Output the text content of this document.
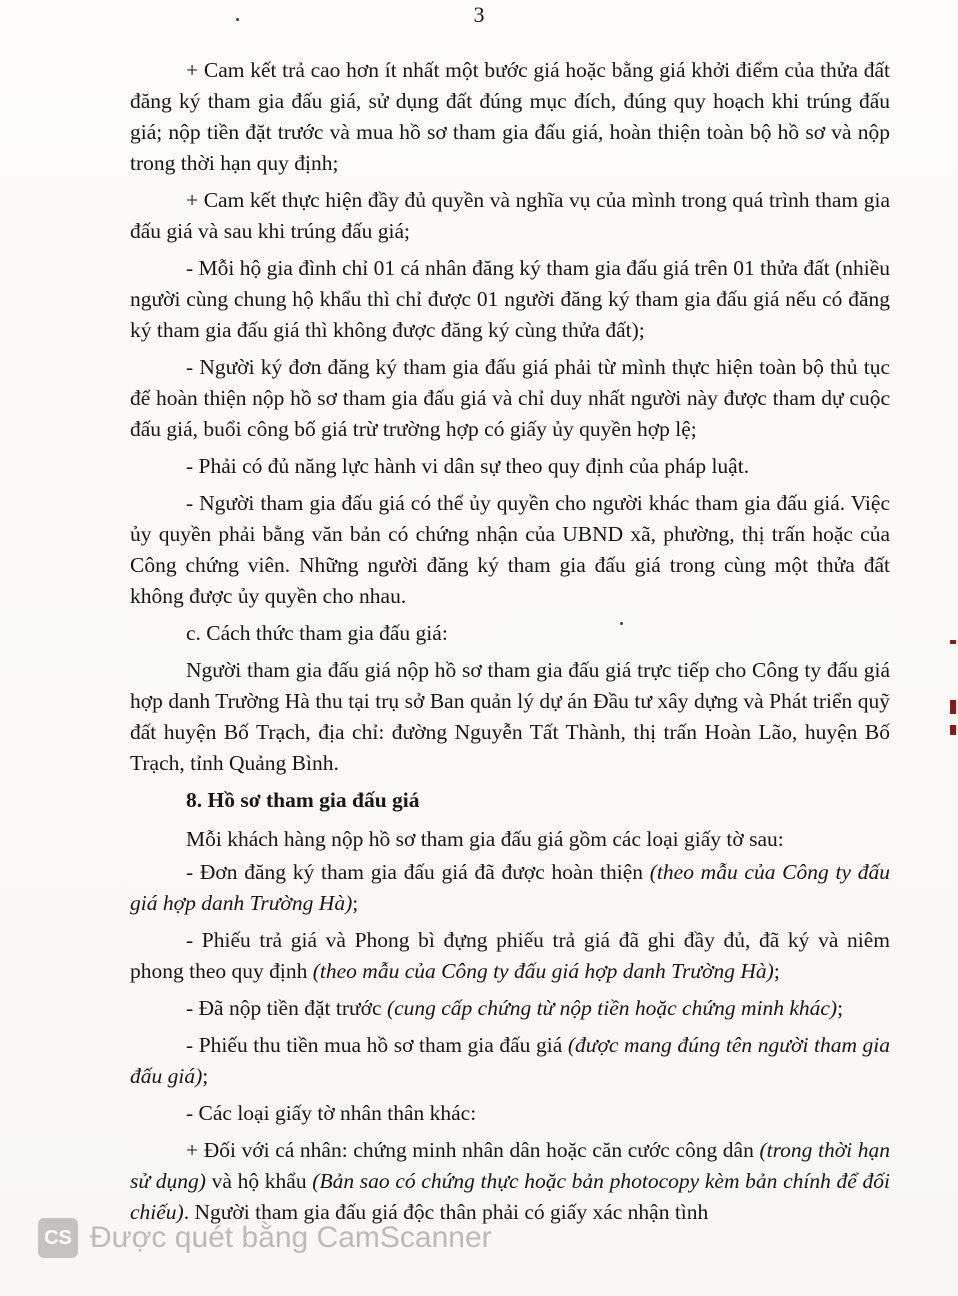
3

+ Cam kết trả cao hơn ít nhất một bước giá hoặc bằng giá khởi điểm của thửa đất đăng ký tham gia đấu giá, sử dụng đất đúng mục đích, đúng quy hoạch khi trúng đấu giá; nộp tiền đặt trước và mua hồ sơ tham gia đấu giá, hoàn thiện toàn bộ hồ sơ và nộp trong thời hạn quy định;

+ Cam kết thực hiện đầy đủ quyền và nghĩa vụ của mình trong quá trình tham gia đấu giá và sau khi trúng đấu giá;

- Mỗi hộ gia đình chỉ 01 cá nhân đăng ký tham gia đấu giá trên 01 thửa đất (nhiều người cùng chung hộ khẩu thì chỉ được 01 người đăng ký tham gia đấu giá nếu có đăng ký tham gia đấu giá thì không được đăng ký cùng thửa đất);

- Người ký đơn đăng ký tham gia đấu giá phải từ mình thực hiện toàn bộ thủ tục để hoàn thiện nộp hồ sơ tham gia đấu giá và chỉ duy nhất người này được tham dự cuộc đấu giá, buổi công bố giá trừ trường hợp có giấy ủy quyền hợp lệ;

- Phải có đủ năng lực hành vi dân sự theo quy định của pháp luật.

- Người tham gia đấu giá có thể ủy quyền cho người khác tham gia đấu giá. Việc ủy quyền phải bằng văn bản có chứng nhận của UBND xã, phường, thị trấn hoặc của Công chứng viên. Những người đăng ký tham gia đấu giá trong cùng một thửa đất không được ủy quyền cho nhau.

c. Cách thức tham gia đấu giá:

Người tham gia đấu giá nộp hồ sơ tham gia đấu giá trực tiếp cho Công ty đấu giá hợp danh Trường Hà thu tại trụ sở Ban quản lý dự án Đầu tư xây dựng và Phát triển quỹ đất huyện Bố Trạch, địa chỉ: đường Nguyễn Tất Thành, thị trấn Hoàn Lão, huyện Bố Trạch, tỉnh Quảng Bình.

8. Hồ sơ tham gia đấu giá

Mỗi khách hàng nộp hồ sơ tham gia đấu giá gồm các loại giấy tờ sau:

- Đơn đăng ký tham gia đấu giá đã được hoàn thiện (theo mẫu của Công ty đấu giá hợp danh Trường Hà);

- Phiếu trả giá và Phong bì đựng phiếu trả giá đã ghi đầy đủ, đã ký và niêm phong theo quy định (theo mẫu của Công ty đấu giá hợp danh Trường Hà);

- Đã nộp tiền đặt trước (cung cấp chứng từ nộp tiền hoặc chứng minh khác);

- Phiếu thu tiền mua hồ sơ tham gia đấu giá (được mang đúng tên người tham gia đấu giá);

- Các loại giấy tờ nhân thân khác:

+ Đối với cá nhân: chứng minh nhân dân hoặc căn cước công dân (trong thời hạn sử dụng) và hộ khẩu (Bản sao có chứng thực hoặc bản photocopy kèm bản chính để đối chiếu). Người tham gia đấu giá độc thân phải có giấy xác nhận tình

CS Được quét bằng CamScanner
